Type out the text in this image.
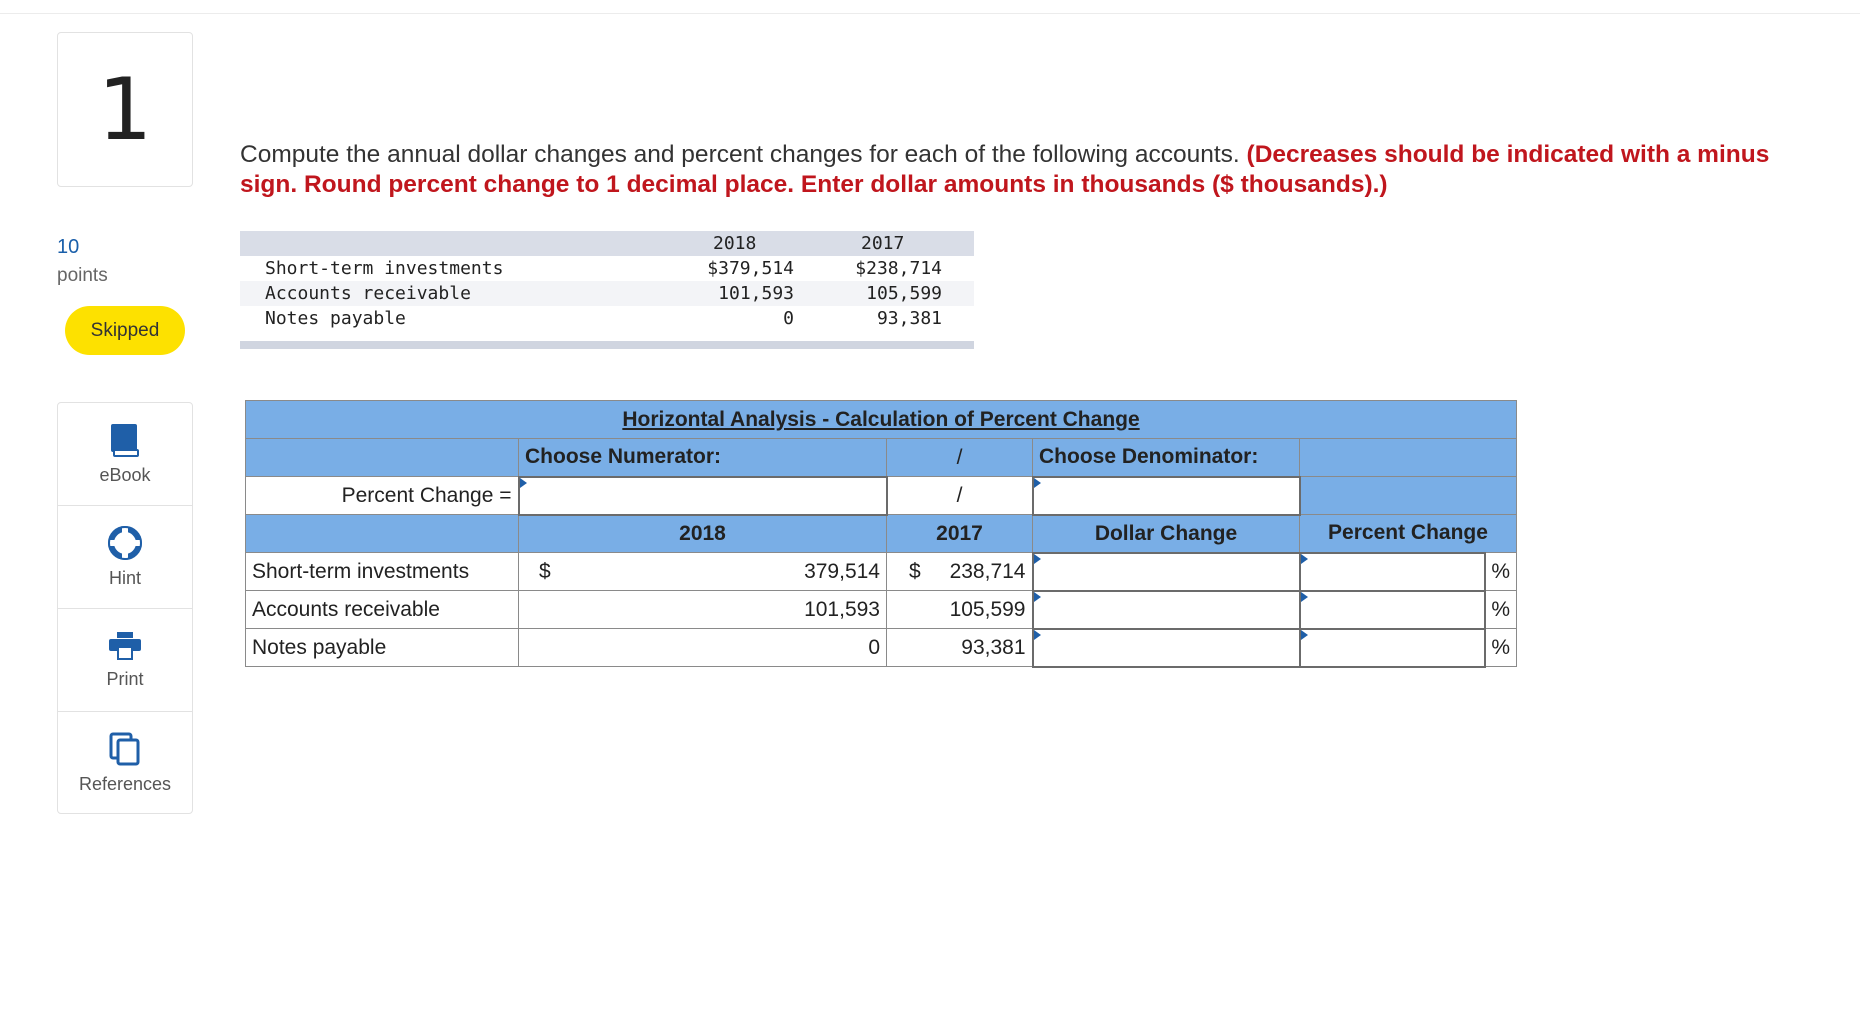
1
10
points
Skipped
eBook
Hint
Print
References
Compute the annual dollar changes and percent changes for each of the following accounts. (Decreases should be indicated with a minus sign. Round percent change to 1 decimal place. Enter dollar amounts in thousands ($ thousands).)
2018	2017
Short-term investments	$379,514	$238,714
Accounts receivable	101,593	105,599
Notes payable	0	93,381
Horizontal Analysis - Calculation of Percent Change					
	Choose Numerator:	/	Choose Denominator:		
Percent Change =		/	

	2018	2017	Dollar Change	Percent Change	
Short-term investments	$ 379,514	$ 238,714			%
Accounts receivable	101,593	105,599			%
Notes payable	0	93,381			%
